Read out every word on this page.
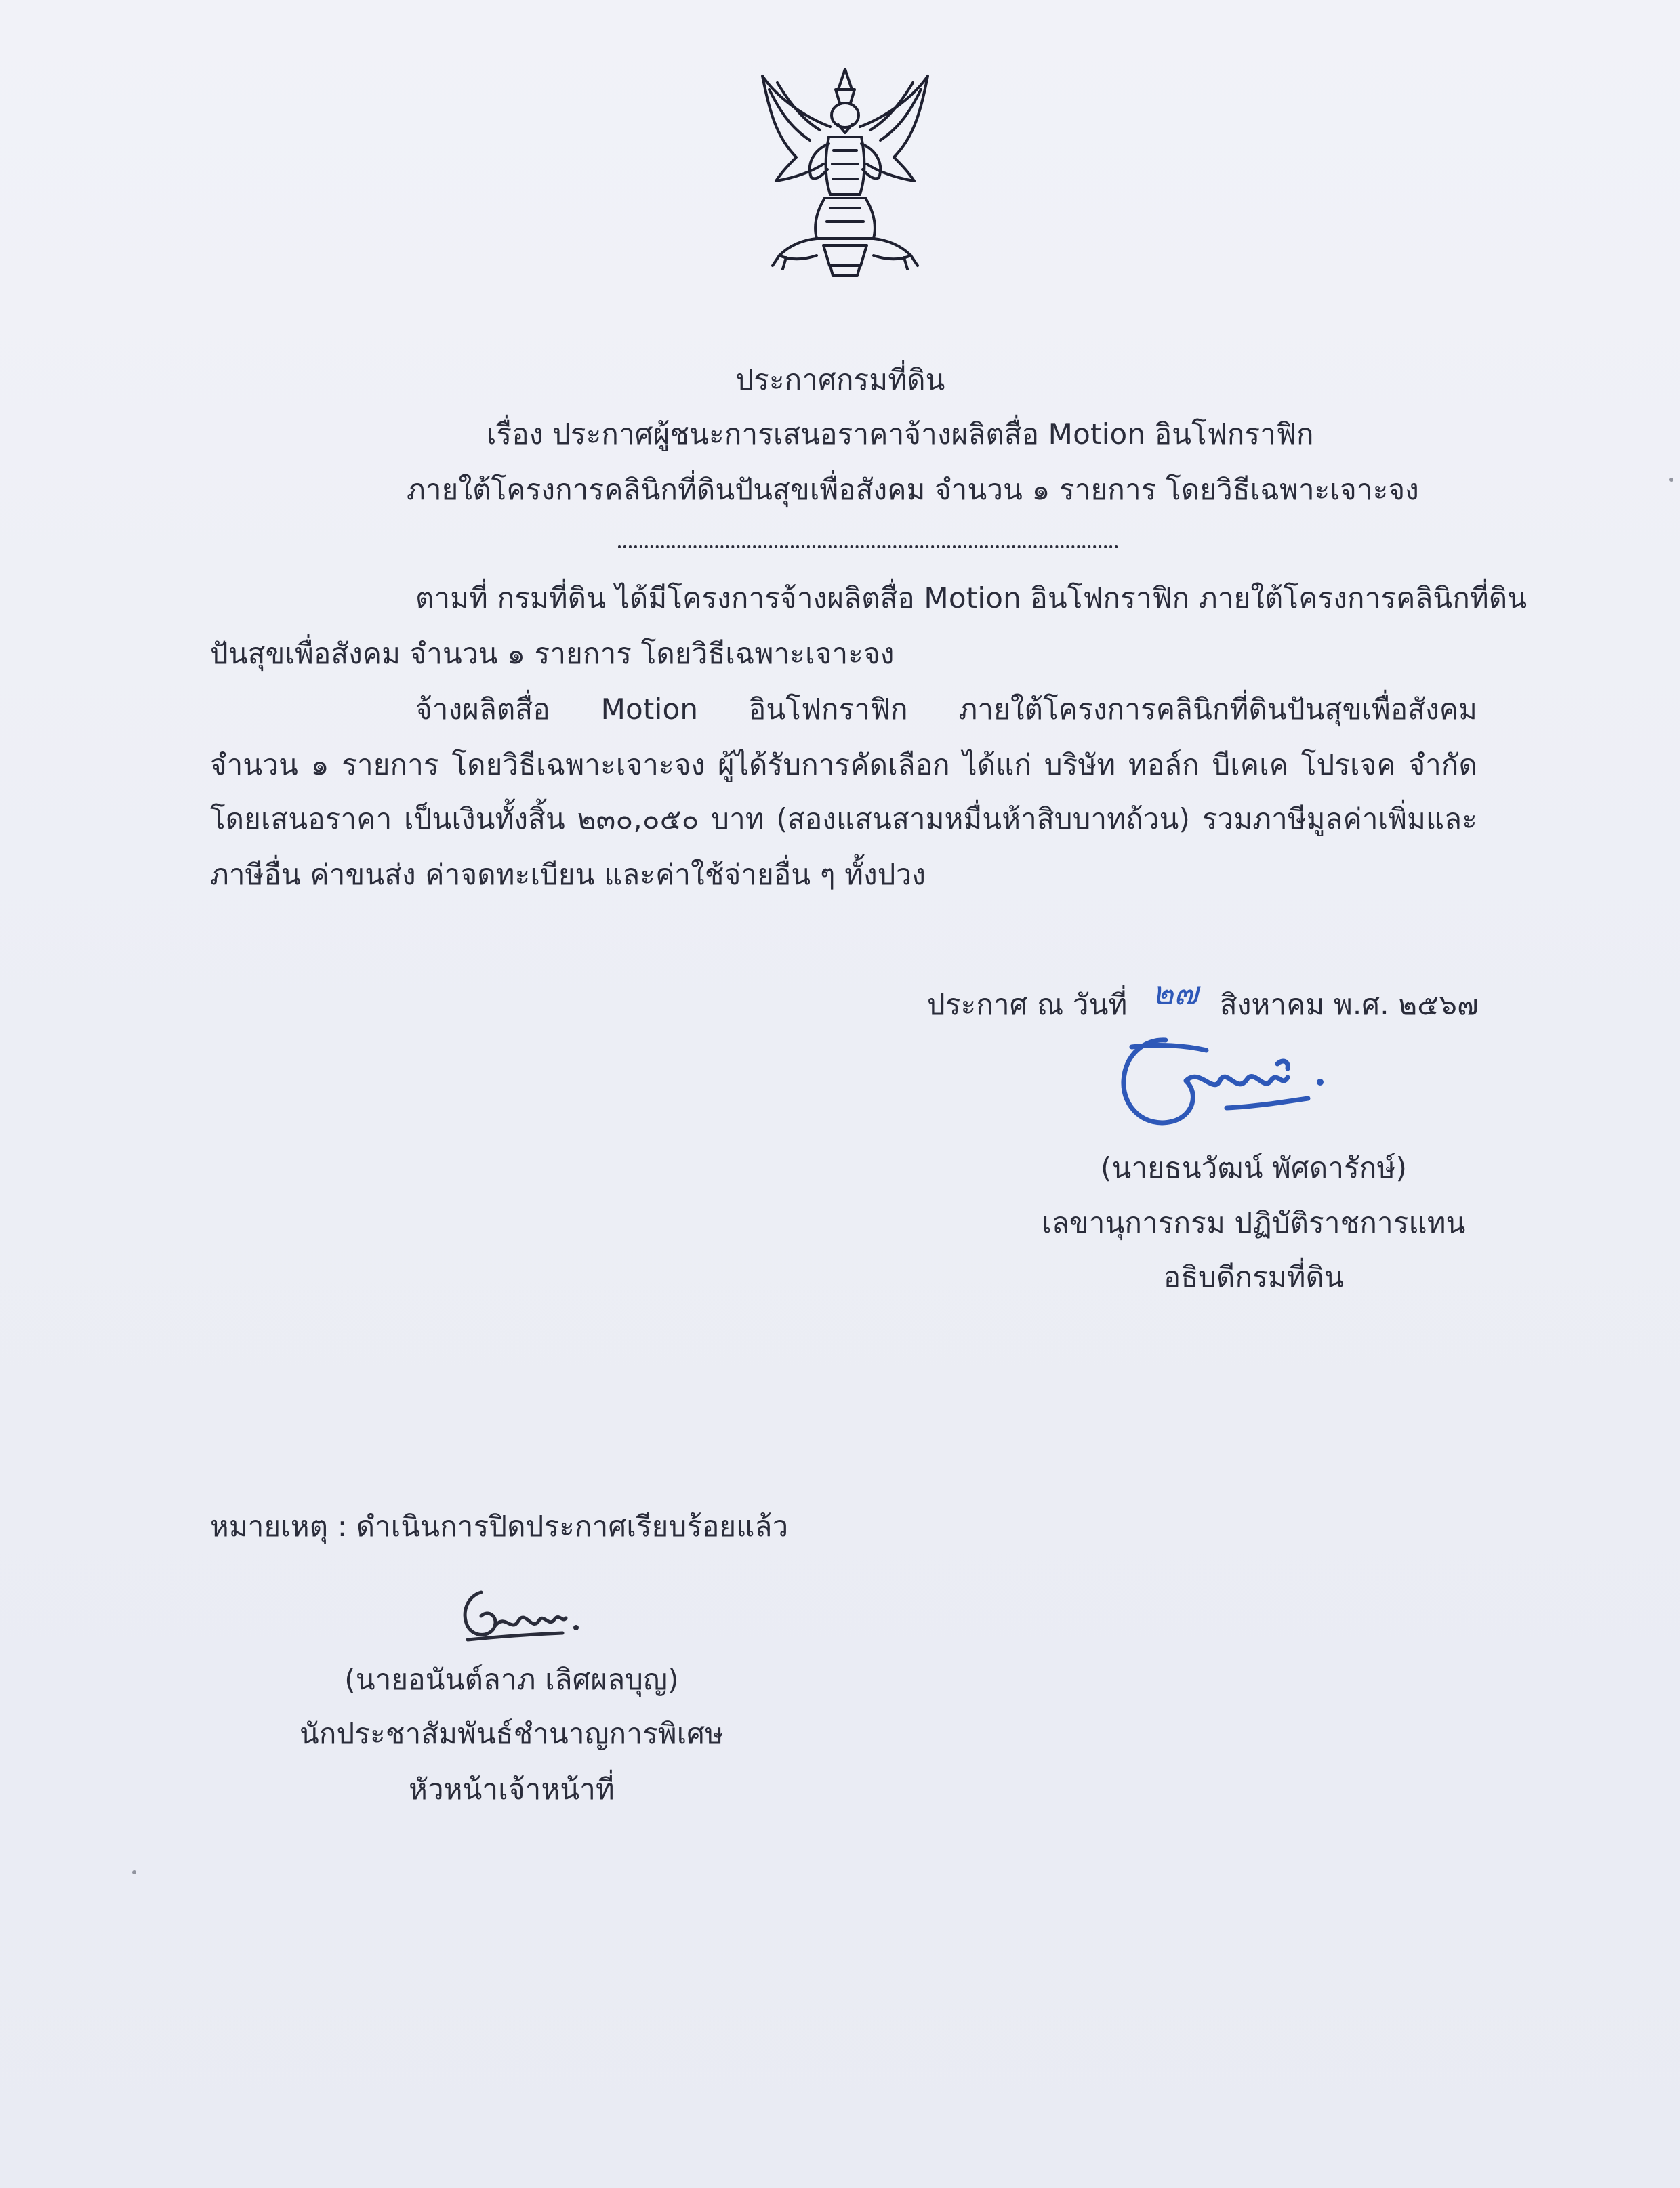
ประกาศกรมที่ดิน
เรื่อง ประกาศผู้ชนะการเสนอราคาจ้างผลิตสื่อ Motion อินโฟกราฟิก
ภายใต้โครงการคลินิกที่ดินปันสุขเพื่อสังคม จำนวน ๑ รายการ โดยวิธีเฉพาะเจาะจง
ตามที่ กรมที่ดิน ได้มีโครงการจ้างผลิตสื่อ Motion อินโฟกราฟิก ภายใต้โครงการคลินิกที่ดิน
ปันสุขเพื่อสังคม จำนวน ๑ รายการ โดยวิธีเฉพาะเจาะจง
จ้างผลิตสื่อ Motion อินโฟกราฟิก ภายใต้โครงการคลินิกที่ดินปันสุขเพื่อสังคม
จำนวน ๑ รายการ โดยวิธีเฉพาะเจาะจง ผู้ได้รับการคัดเลือก ได้แก่ บริษัท ทอล์ก บีเคเค โปรเจค จำกัด
โดยเสนอราคา เป็นเงินทั้งสิ้น ๒๓๐,๐๕๐ บาท (สองแสนสามหมื่นห้าสิบบาทถ้วน) รวมภาษีมูลค่าเพิ่มและ
ภาษีอื่น ค่าขนส่ง ค่าจดทะเบียน และค่าใช้จ่ายอื่น ๆ ทั้งปวง
ประกาศ ณ วันที่ ๒๗ สิงหาคม พ.ศ. ๒๕๖๗
(นายธนวัฒน์ พัศดารักษ์)
เลขานุการกรม ปฏิบัติราชการแทน
อธิบดีกรมที่ดิน
หมายเหตุ : ดำเนินการปิดประกาศเรียบร้อยแล้ว
(นายอนันต์ลาภ เลิศผลบุญ)
นักประชาสัมพันธ์ชำนาญการพิเศษ
หัวหน้าเจ้าหน้าที่
